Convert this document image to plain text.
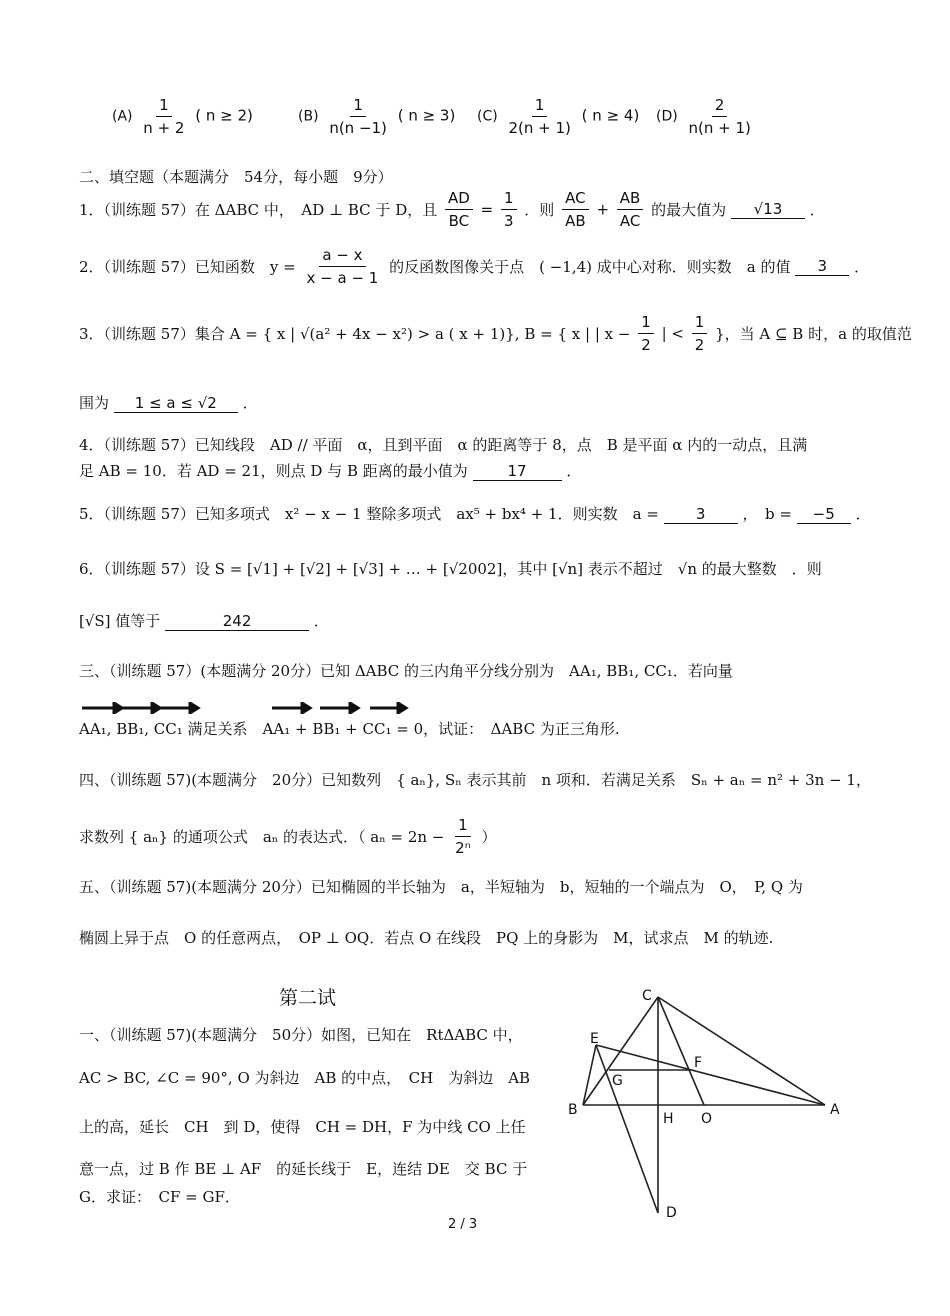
$(A) \frac{1}{n + 2}$ ( n ≥ 2)	$(B) \frac{1}{n(n -1)}$ ( n ≥ 3) $(C) \frac{1}{2(n + 1)}$ ( n ≥ 4) $(D) \frac{2}{n(n + 1)}$
二、填空题（本题满分　54分，每小题　9分）
1．（训练题 57）在 ΔABC 中，　AD ⊥ BC 于 D，且 $\frac{AD}{BC} = \frac{1}{3}$ ．则 $\frac{AC}{AB} + \frac{AB}{AC}$ 的最大值为 √13 ．
2．（训练题 57）已知函数　$y = \frac{a - x}{x - a - 1}$ 的反函数图像关于点　( −1,4) 成中心对称．则实数　a 的值 3 ．
3．（训练题 57）集合 A = { x | √(a² + 4x − x²) > a ( x + 1)}, B = { x | | $x - \frac{1}{2}$ | < $\frac{1}{2}$ }，当 A ⊆ B 时，a 的取值范
围为 1 ≤ a ≤ √2 ．
4．（训练题 57）已知线段　AD // 平面　α，且到平面　α 的距离等于 8，点　B 是平面 α 内的一动点，且满
足 AB = 10．若 AD = 21，则点 D 与 B 距离的最小值为	17	．
5．（训练题 57）已知多项式　x² − x − 1 整除多项式　ax⁵ + bx⁴ + 1．则实数　a = 3 ，　b = −5 ．
6．（训练题 57）设 S = [√1] + [√2] + [√3] + … + [√2002]，其中 [√n] 表示不超过　√n 的最大整数　．则
[√S] 值等于	242	．
三、（训练题 57）(本题满分 20分）已知 ΔABC 的三内角平分线分别为　AA₁, BB₁, CC₁．若向量
AA₁, BB₁, CC₁ 满足关系　AA₁ + BB₁ + CC₁ = 0，试证：　ΔABC 为正三角形.
四、（训练题 57)(本题满分　20分）已知数列　{ aₙ}, Sₙ 表示其前　n 项和．若满足关系　Sₙ + aₙ = n² + 3n − 1，
求数列 { aₙ} 的通项公式　aₙ 的表达式．（ $a_n = 2n - \frac{1}{\text{2ⁿ}}$ ）
五、（训练题 57)(本题满分 20分）已知椭圆的半长轴为　a，半短轴为　b，短轴的一个端点为　O，　P, Q 为
椭圆上异于点　O 的任意两点，　OP ⊥ OQ．若点 O 在线段　PQ 上的身影为　M，试求点　M 的轨迹.
第二试
一、（训练题 57)(本题满分　50分）如图，已知在　RtΔABC 中，
AC > BC, ∠C = 90°, O 为斜边　AB 的中点，　CH　为斜边　AB
上的高，延长　CH　到 D，使得　CH = DH，F 为中线 CO 上任
意一点，过 B 作 BE ⊥ AF　的延长线于　E，连结 DE　交 BC 于
G．求证：　CF = GF．
C
E
F
G
B
H O
A
D
2 / 3
